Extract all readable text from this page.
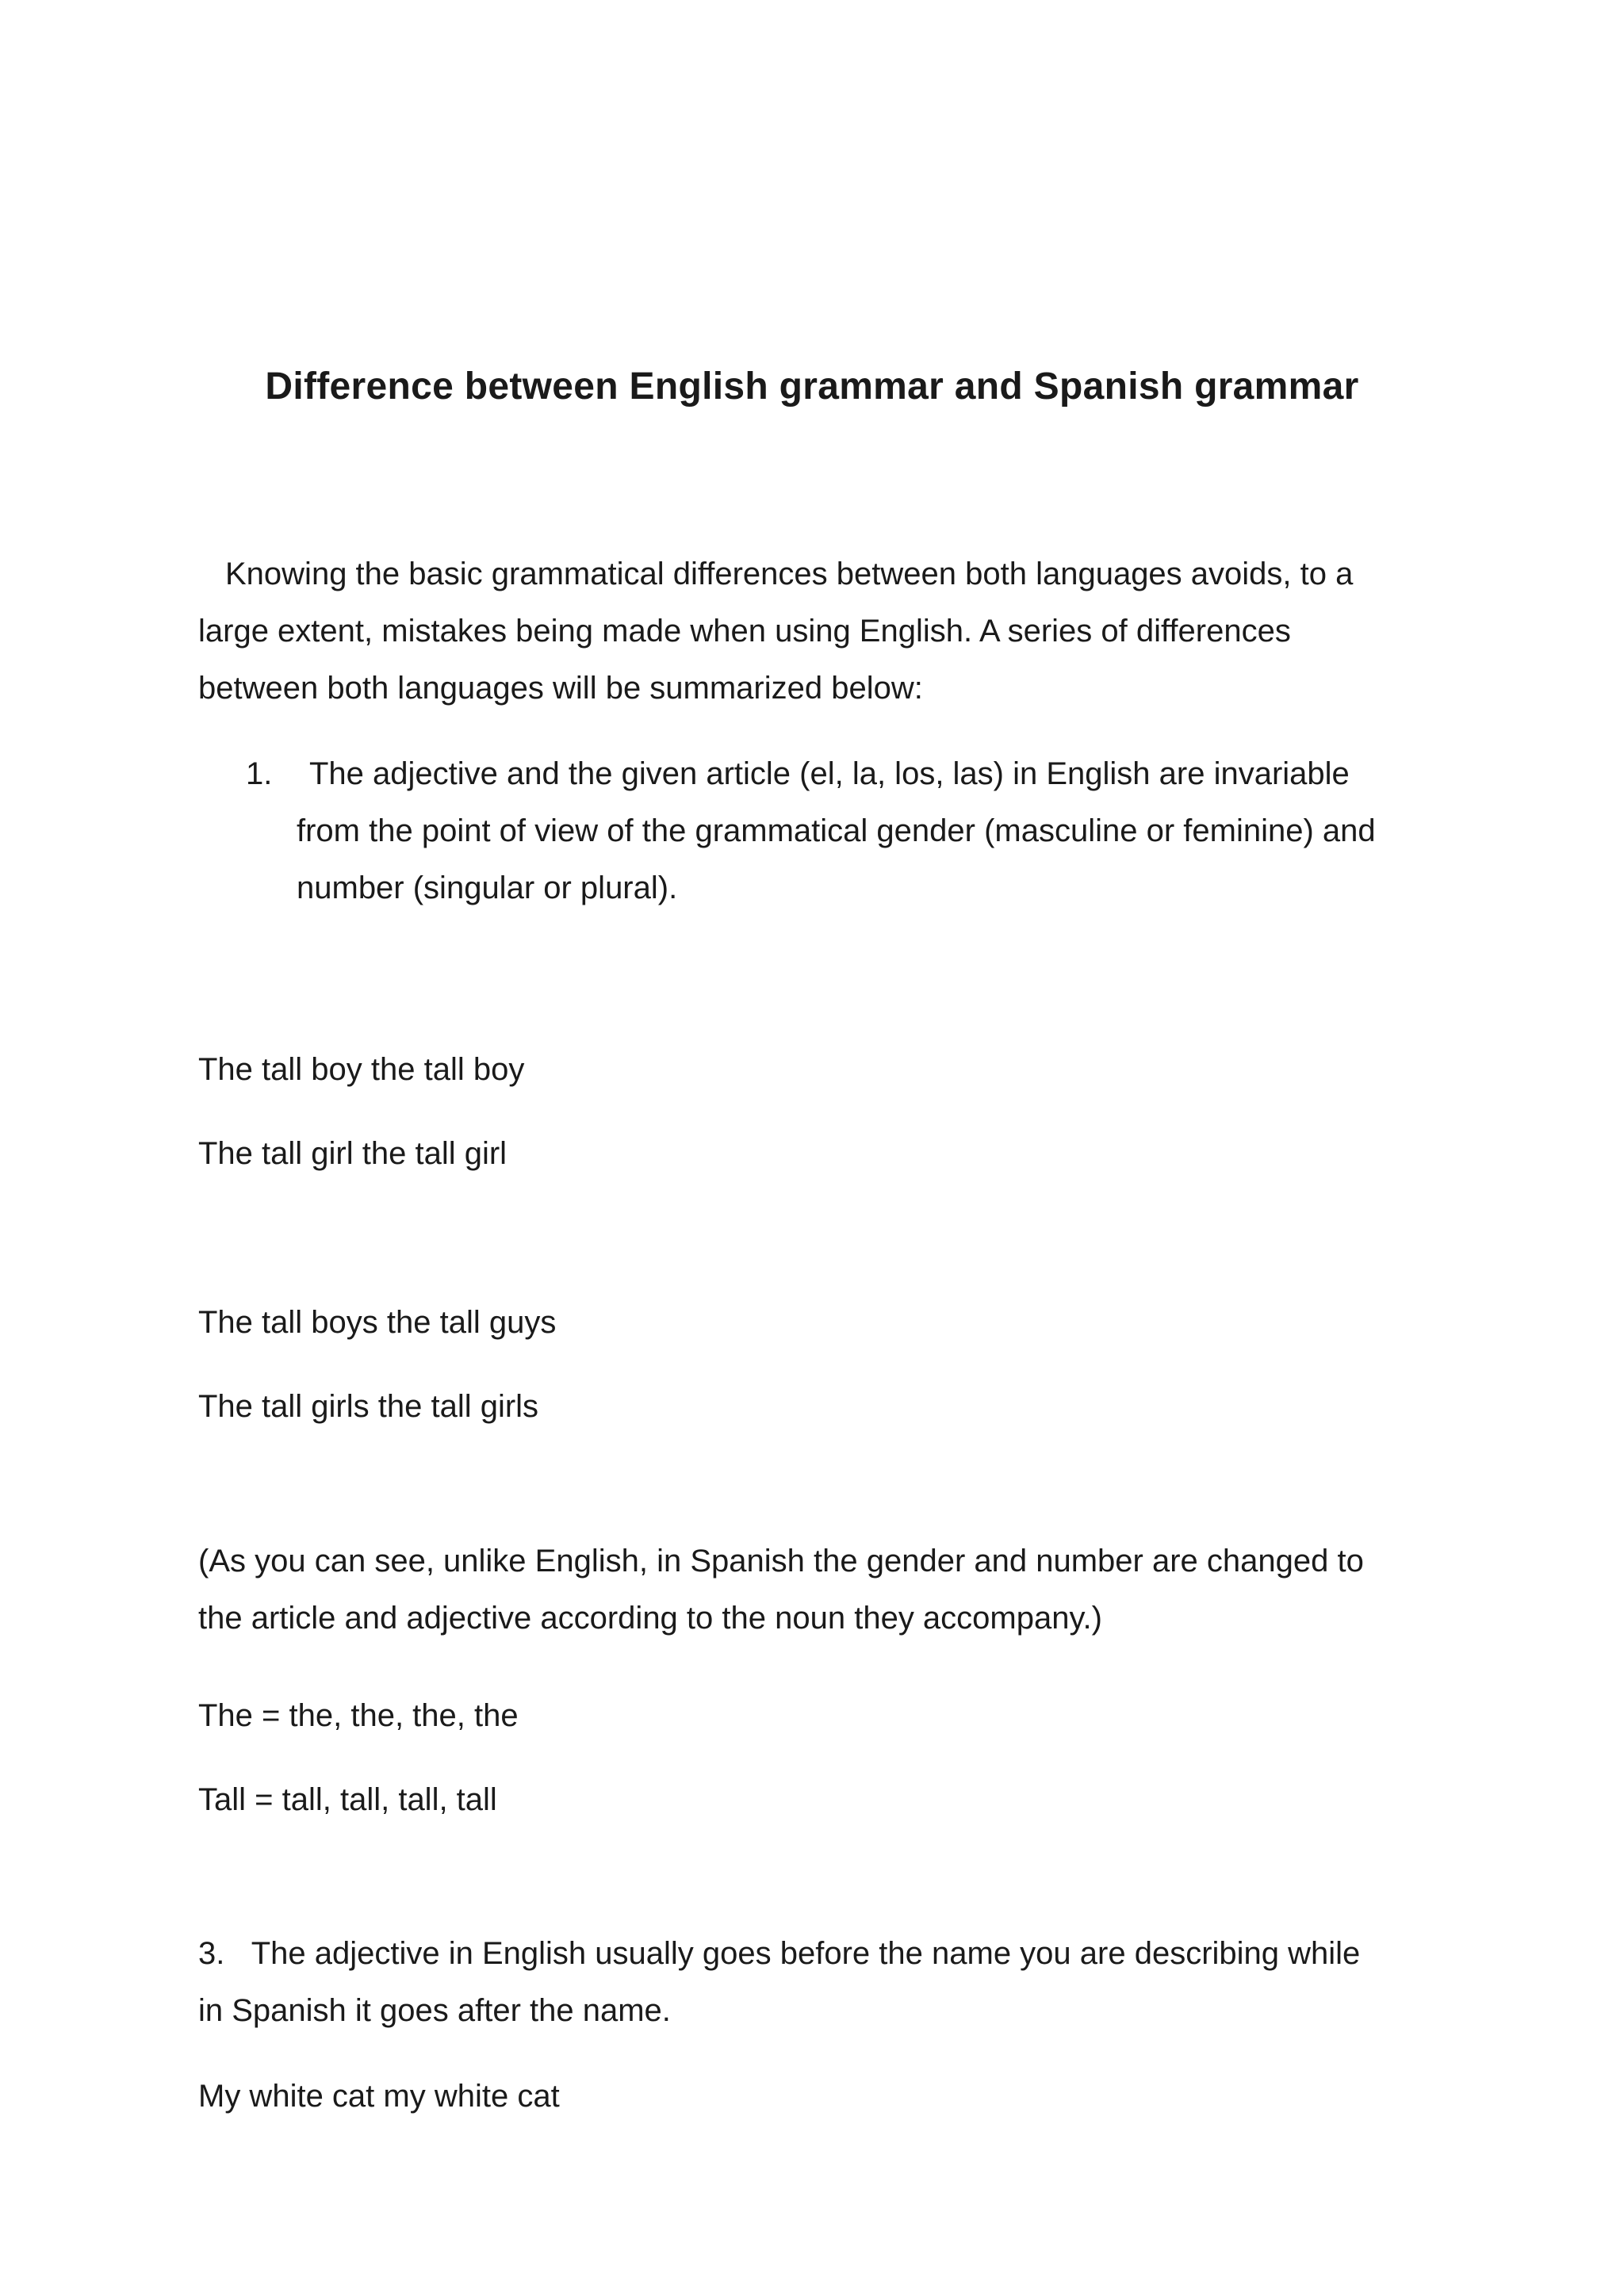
Difference between English grammar and Spanish grammar
Knowing the basic grammatical differences between both languages avoids, to a
large extent, mistakes being made when using English. A series of differences
between both languages will be summarized below:
1. The adjective and the given article (el, la, los, las) in English are invariable
from the point of view of the grammatical gender (masculine or feminine) and
number (singular or plural).
The tall boy the tall boy
The tall girl the tall girl
The tall boys the tall guys
The tall girls the tall girls
(As you can see, unlike English, in Spanish the gender and number are changed to
the article and adjective according to the noun they accompany.)
The = the, the, the, the
Tall = tall, tall, tall, tall
3. The adjective in English usually goes before the name you are describing while
in Spanish it goes after the name.
My white cat my white cat
